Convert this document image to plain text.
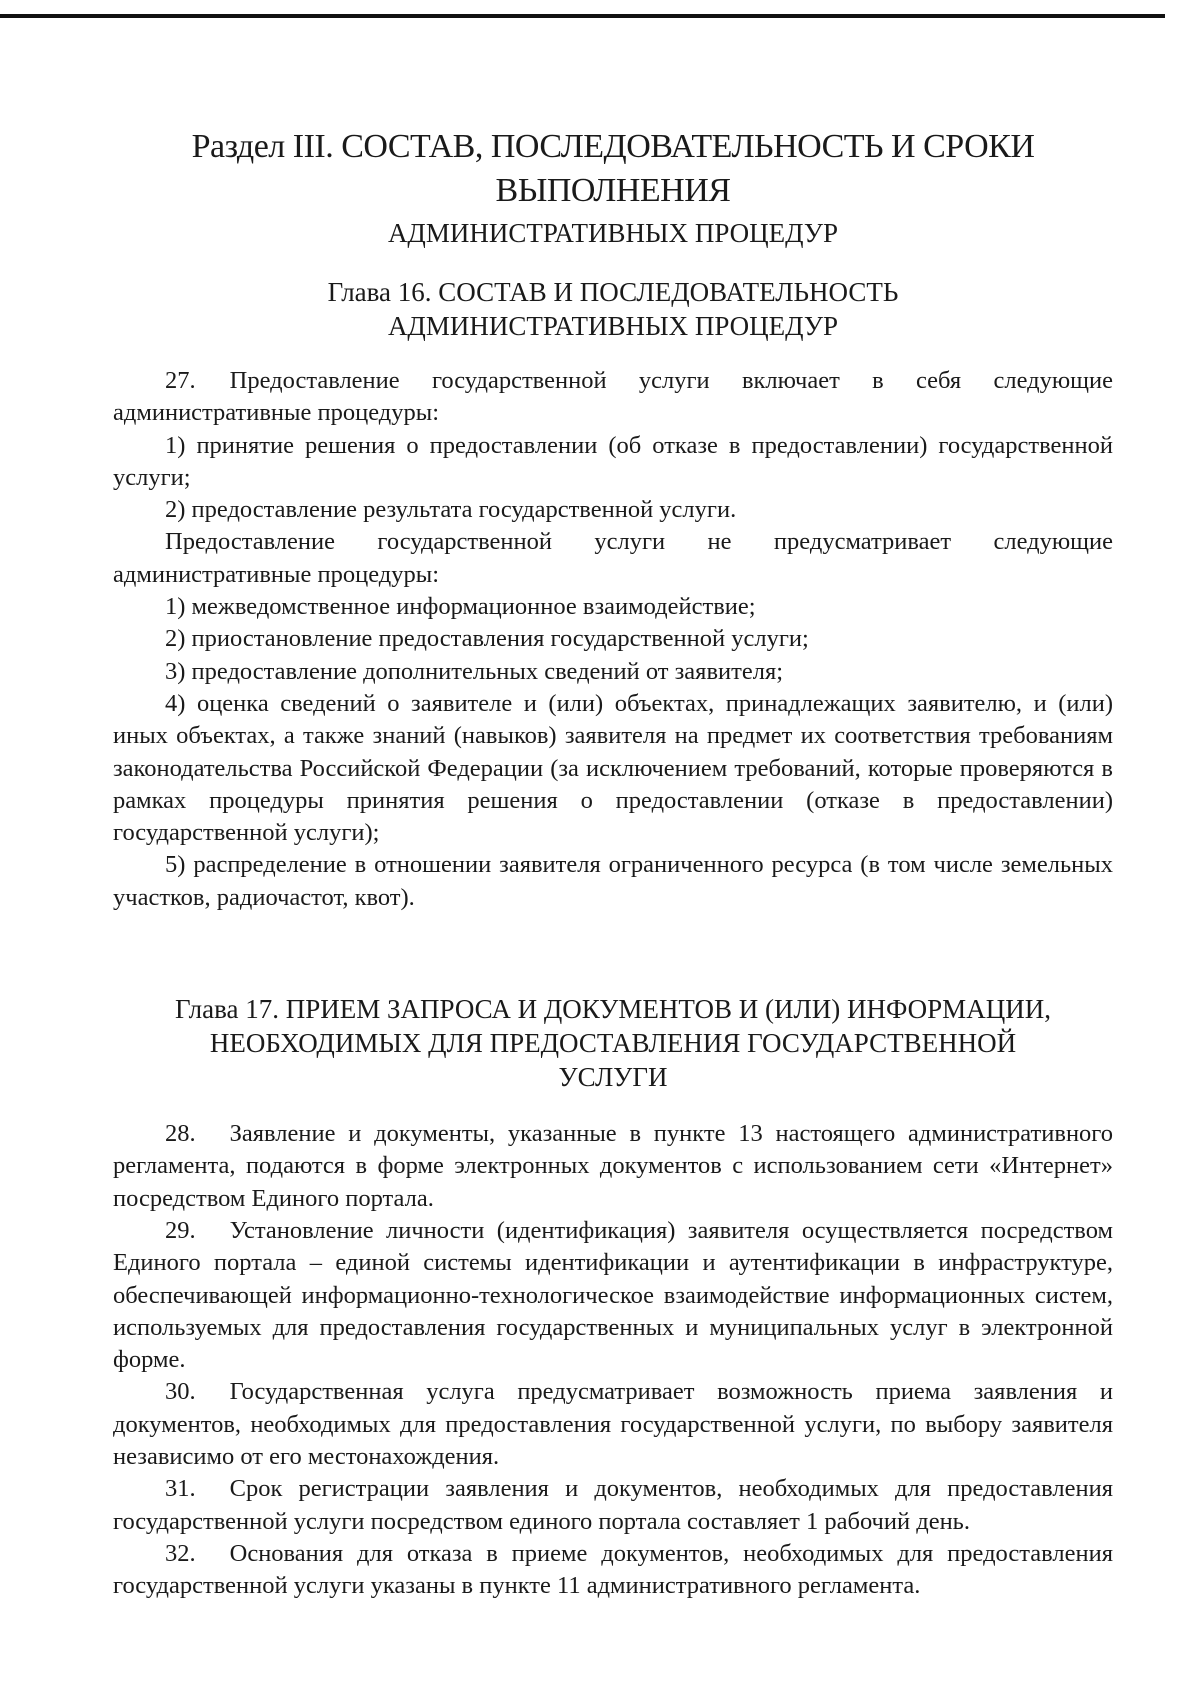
Раздел III. СОСТАВ, ПОСЛЕДОВАТЕЛЬНОСТЬ И СРОКИ ВЫПОЛНЕНИЯ
АДМИНИСТРАТИВНЫХ ПРОЦЕДУР
Глава 16. СОСТАВ И ПОСЛЕДОВАТЕЛЬНОСТЬ
АДМИНИСТРАТИВНЫХ ПРОЦЕДУР

27. Предоставление государственной услуги включает в себя следующие административные процедуры:

1) принятие решения о предоставлении (об отказе в предоставлении) государственной услуги;

2) предоставление результата государственной услуги.

Предоставление государственной услуги не предусматривает следующие административные процедуры:

1) межведомственное информационное взаимодействие;

2) приостановление предоставления государственной услуги;

3) предоставление дополнительных сведений от заявителя;

4) оценка сведений о заявителе и (или) объектах, принадлежащих заявителю, и (или) иных объектах, а также знаний (навыков) заявителя на предмет их соответствия требованиям законодательства Российской Федерации (за исключением требований, которые проверяются в рамках процедуры принятия решения о предоставлении (отказе в предоставлении) государственной услуги);

5) распределение в отношении заявителя ограниченного ресурса (в том числе земельных участков, радиочастот, квот).

Глава 17. ПРИЕМ ЗАПРОСА И ДОКУМЕНТОВ И (ИЛИ) ИНФОРМАЦИИ,
НЕОБХОДИМЫХ ДЛЯ ПРЕДОСТАВЛЕНИЯ ГОСУДАРСТВЕННОЙ
УСЛУГИ

28. Заявление и документы, указанные в пункте 13 настоящего административного регламента, подаются в форме электронных документов с использованием сети «Интернет» посредством Единого портала.

29. Установление личности (идентификация) заявителя осуществляется посредством Единого портала – единой системы идентификации и аутентификации в инфраструктуре, обеспечивающей информационно-технологическое взаимодействие информационных систем, используемых для предоставления государственных и муниципальных услуг в электронной форме.

30. Государственная услуга предусматривает возможность приема заявления и документов, необходимых для предоставления государственной услуги, по выбору заявителя независимо от его местонахождения.

31. Срок регистрации заявления и документов, необходимых для предоставления государственной услуги посредством единого портала составляет 1 рабочий день.

32. Основания для отказа в приеме документов, необходимых для предоставления государственной услуги указаны в пункте 11 административного регламента.
